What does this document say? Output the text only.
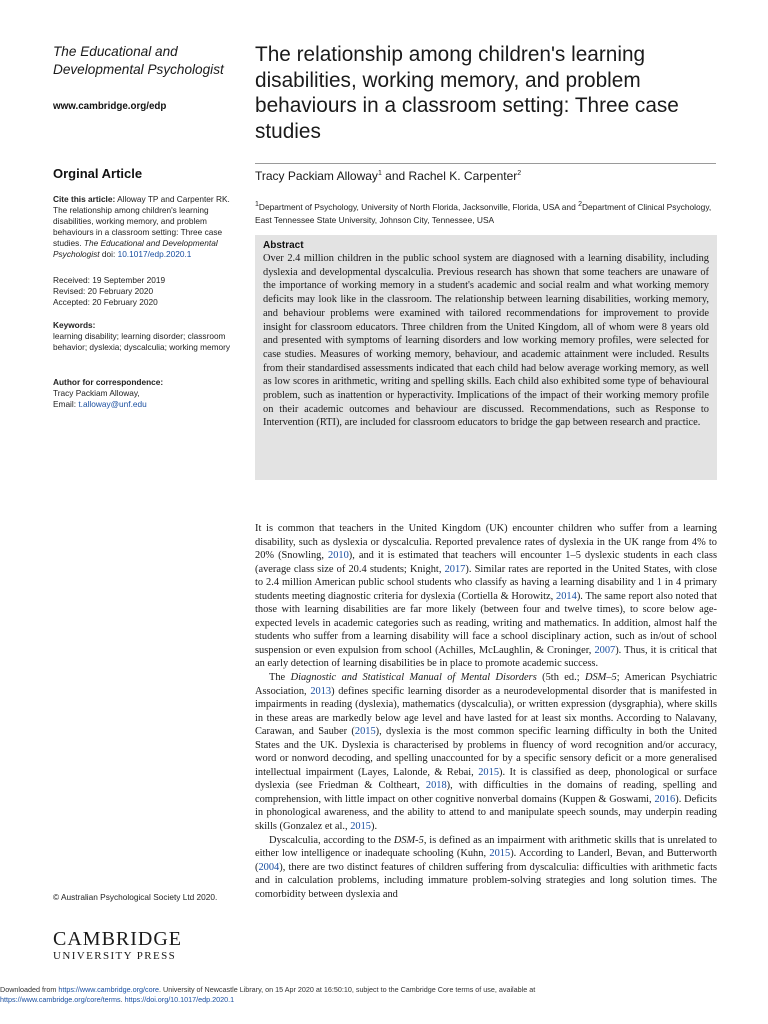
The Educational and Developmental Psychologist
www.cambridge.org/edp
Orginal Article
Cite this article: Alloway TP and Carpenter RK. The relationship among children's learning disabilities, working memory, and problem behaviours in a classroom setting: Three case studies. The Educational and Developmental Psychologist doi: 10.1017/edp.2020.1
Received: 19 September 2019
Revised: 20 February 2020
Accepted: 20 February 2020
Keywords:
learning disability; learning disorder; classroom behavior; dyslexia; dyscalculia; working memory
Author for correspondence:
Tracy Packiam Alloway,
Email: t.alloway@unf.edu
© Australian Psychological Society Ltd 2020.
CAMBRIDGE
UNIVERSITY PRESS
The relationship among children's learning disabilities, working memory, and problem behaviours in a classroom setting: Three case studies
Tracy Packiam Alloway$^1$ and Rachel K. Carpenter$^2$
$^1$Department of Psychology, University of North Florida, Jacksonville, Florida, USA and $^2$Department of Clinical Psychology, East Tennessee State University, Johnson City, Tennessee, USA
Abstract
Over 2.4 million children in the public school system are diagnosed with a learning disability, including dyslexia and developmental dyscalculia. Previous research has shown that some teachers are unaware of the importance of working memory in a student's academic and social realm and what working memory deficits may look like in the classroom. The relationship between learning disabilities, working memory, and behaviour problems were examined with tailored recommendations for improvement to provide insight for classroom educators. Three children from the United Kingdom, all of whom were 8 years old and presented with symptoms of learning disorders and low working memory profiles, were selected for case studies. Measures of working memory, behaviour, and academic attainment were included. Results from their standardised assessments indicated that each child had below average working memory, as well as low scores in arithmetic, writing and spelling skills. Each child also exhibited some type of behavioural problem, such as inattention or hyperactivity. Implications of the impact of their working memory profile on their academic outcomes and behaviour are discussed. Recommendations, such as Response to Intervention (RTI), are included for classroom educators to bridge the gap between research and practice.

It is common that teachers in the United Kingdom (UK) encounter children who suffer from a learning disability, such as dyslexia or dyscalculia. Reported prevalence rates of dyslexia in the UK range from 4% to 20% (Snowling, 2010), and it is estimated that teachers will encounter 1–5 dyslexic students in each class (average class size of 20.4 students; Knight, 2017). Similar rates are reported in the United States, with close to 2.4 million American public school students who classify as having a learning disability and 1 in 4 primary students meeting diagnostic criteria for dyslexia (Cortiella & Horowitz, 2014). The same report also noted that those with learning disabilities are far more likely (between four and twelve times), to score below age-expected levels in academic categories such as reading, writing and mathematics. In addition, almost half the students who suffer from a learning disability will face a school disciplinary action, such as in/out of school suspension or even expulsion from school (Achilles, McLaughlin, & Croninger, 2007). Thus, it is critical that an early detection of learning disabilities be in place to promote academic success.

The Diagnostic and Statistical Manual of Mental Disorders (5th ed.; DSM–5; American Psychiatric Association, 2013) defines specific learning disorder as a neurodevelopmental disorder that is manifested in impairments in reading (dyslexia), mathematics (dyscalculia), or written expression (dysgraphia), where skills in these areas are markedly below age level and have lasted for at least six months. According to Nalavany, Carawan, and Sauber (2015), dyslexia is the most common specific learning difficulty in both the United States and the UK. Dyslexia is characterised by problems in fluency of word recognition and/or accuracy, word or nonword decoding, and spelling unaccounted for by a specific sensory deficit or a more generalised intellectual impairment (Layes, Lalonde, & Rebai, 2015). It is classified as deep, phonological or surface dyslexia (see Friedman & Coltheart, 2018), with difficulties in the domains of reading, spelling and comprehension, with little impact on other cognitive nonverbal domains (Kuppen & Goswami, 2016). Deficits in phonological awareness, and the ability to attend to and manipulate speech sounds, may underpin reading skills (Gonzalez et al., 2015).

Dyscalculia, according to the DSM-5, is defined as an impairment with arithmetic skills that is unrelated to either low intelligence or inadequate schooling (Kuhn, 2015). According to Landerl, Bevan, and Butterworth (2004), there are two distinct features of children suffering from dyscalculia: difficulties with arithmetic facts and in calculation problems, including immature problem-solving strategies and long solution times. The comorbidity between dyslexia and

Downloaded from https://www.cambridge.org/core. University of Newcastle Library, on 15 Apr 2020 at 16:50:10, subject to the Cambridge Core terms of use, available at
https://www.cambridge.org/core/terms. https://doi.org/10.1017/edp.2020.1
